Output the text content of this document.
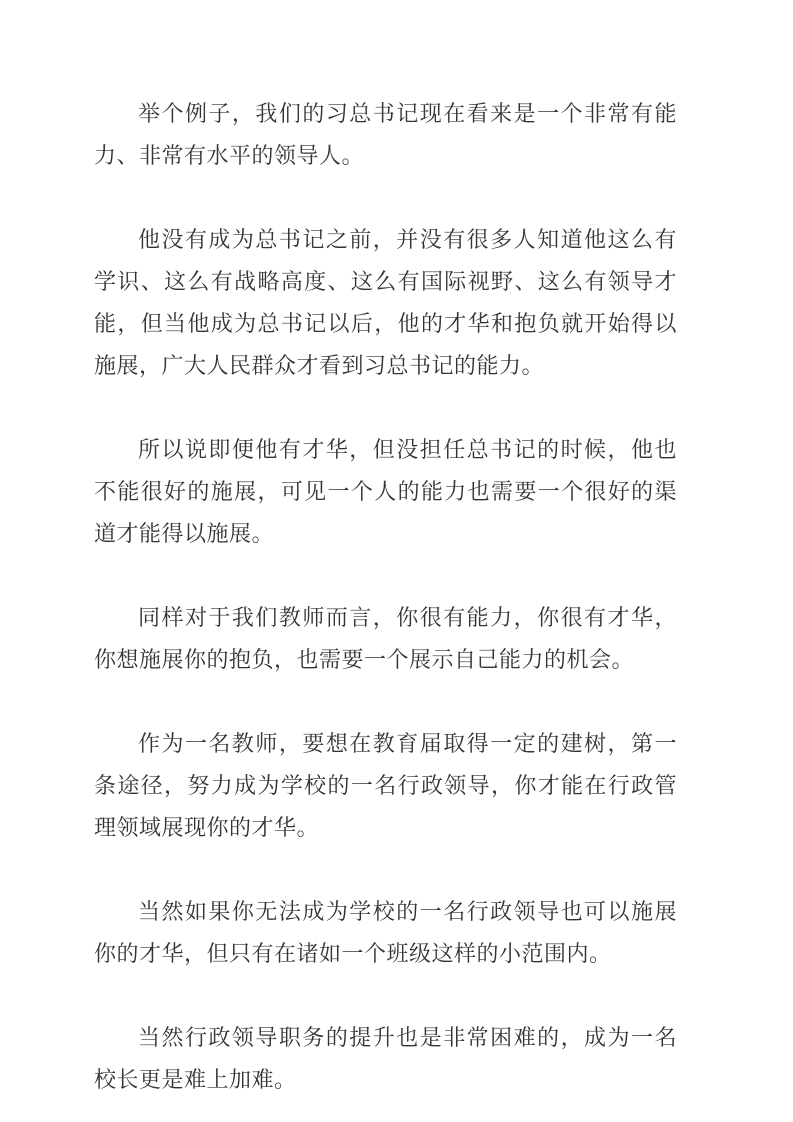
举个例子，我们的习总书记现在看来是一个非常有能力、非常有水平的领导人。

他没有成为总书记之前，并没有很多人知道他这么有学识、这么有战略高度、这么有国际视野、这么有领导才能，但当他成为总书记以后，他的才华和抱负就开始得以施展，广大人民群众才看到习总书记的能力。

所以说即便他有才华，但没担任总书记的时候，他也不能很好的施展，可见一个人的能力也需要一个很好的渠道才能得以施展。

同样对于我们教师而言，你很有能力，你很有才华，你想施展你的抱负，也需要一个展示自己能力的机会。

作为一名教师，要想在教育届取得一定的建树，第一条途径，努力成为学校的一名行政领导，你才能在行政管理领域展现你的才华。

当然如果你无法成为学校的一名行政领导也可以施展你的才华，但只有在诸如一个班级这样的小范围内。

当然行政领导职务的提升也是非常困难的，成为一名校长更是难上加难。
